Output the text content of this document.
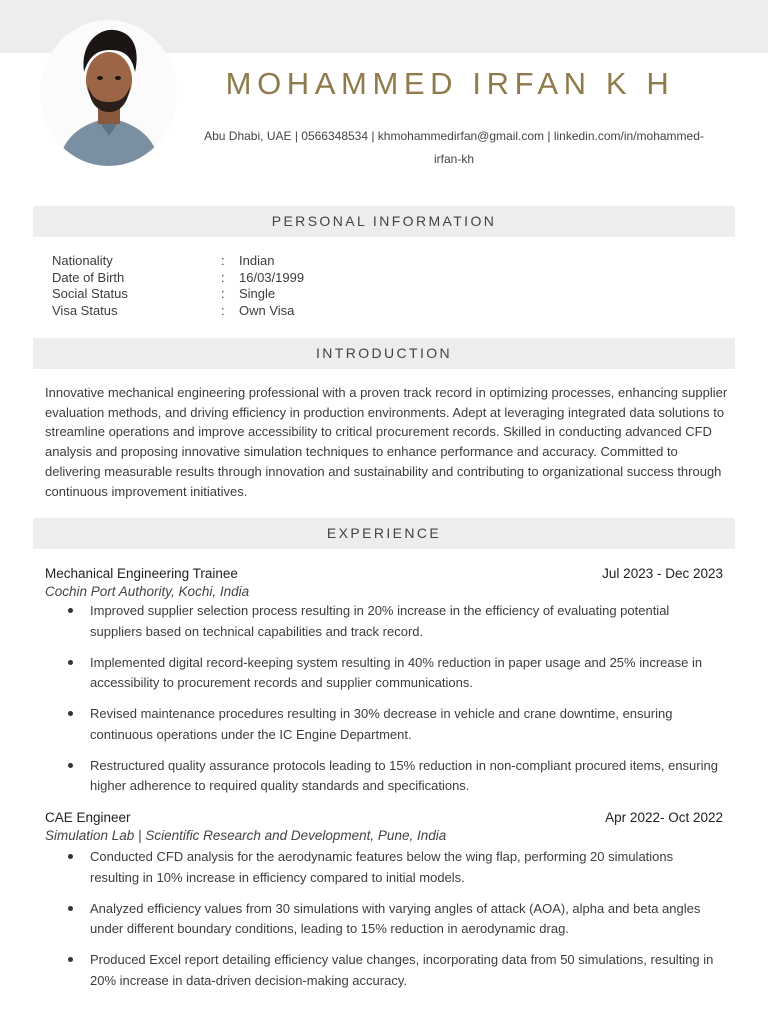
MOHAMMED IRFAN K H
Abu Dhabi, UAE | 0566348534 | khmohammedirfan@gmail.com | linkedin.com/in/mohammed-
irfan-kh
PERSONAL INFORMATION
Nationality	: Indian
Date of Birth	: 16/03/1999
Social Status	: Single
Visa Status	: Own Visa
INTRODUCTION

Innovative mechanical engineering professional with a proven track record in optimizing processes, enhancing supplier evaluation methods, and driving efficiency in production environments. Adept at leveraging integrated data solutions to streamline operations and improve accessibility to critical procurement records. Skilled in conducting advanced CFD analysis and proposing innovative simulation techniques to enhance performance and accuracy. Committed to delivering measurable results through innovation and sustainability and contributing to organizational success through continuous improvement initiatives.

EXPERIENCE
Mechanical Engineering Trainee	Jul 2023 - Dec 2023
Cochin Port Authority, Kochi, India
Improved supplier selection process resulting in 20% increase in the efficiency of evaluating potential suppliers based on technical capabilities and track record.
Implemented digital record-keeping system resulting in 40% reduction in paper usage and 25% increase in accessibility to procurement records and supplier communications.
Revised maintenance procedures resulting in 30% decrease in vehicle and crane downtime, ensuring continuous operations under the IC Engine Department.
Restructured quality assurance protocols leading to 15% reduction in non-compliant procured items, ensuring higher adherence to required quality standards and specifications.
CAE Engineer	Apr 2022- Oct 2022
Simulation Lab | Scientific Research and Development, Pune, India
Conducted CFD analysis for the aerodynamic features below the wing flap, performing 20 simulations resulting in 10% increase in efficiency compared to initial models.
Analyzed efficiency values from 30 simulations with varying angles of attack (AOA), alpha and beta angles under different boundary conditions, leading to 15% reduction in aerodynamic drag.
Produced Excel report detailing efficiency value changes, incorporating data from 50 simulations, resulting in 20% increase in data-driven decision-making accuracy.
